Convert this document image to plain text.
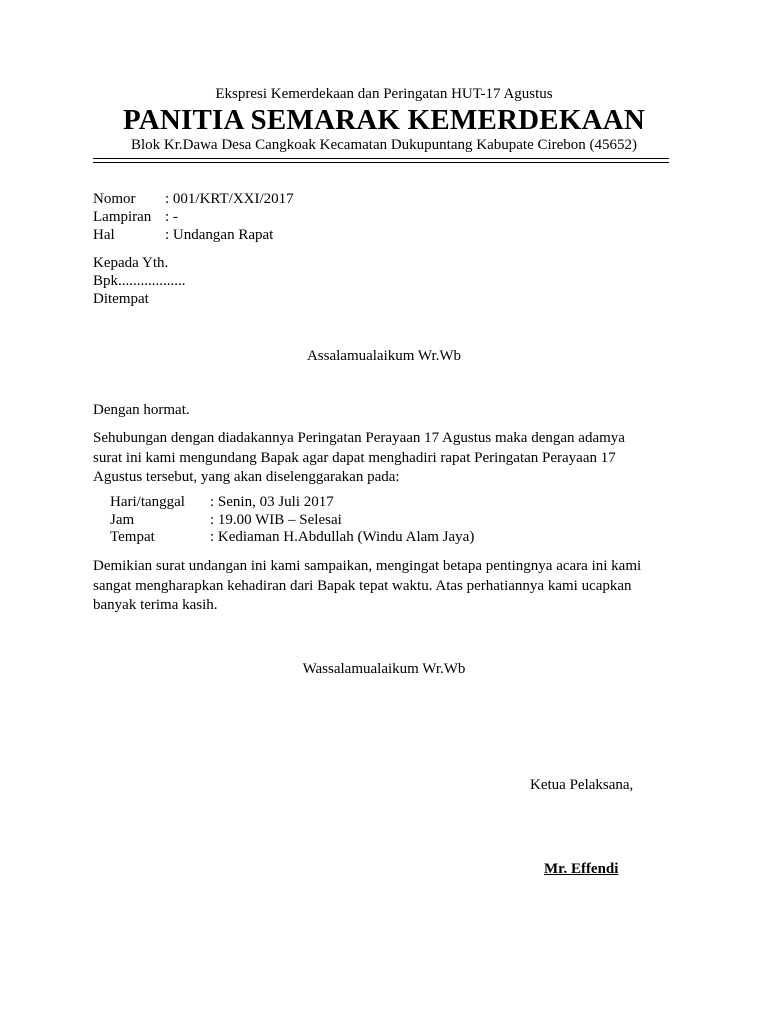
Ekspresi Kemerdekaan dan Peringatan HUT-17 Agustus
PANITIA SEMARAK KEMERDEKAAN
Blok Kr.Dawa Desa Cangkoak Kecamatan Dukupuntang Kabupate Cirebon (45652)
Nomor : 001/KRT/XXI/2017
Lampiran : -
Hal	: Undangan Rapat
Kepada Yth.
Bpk..................
Ditempat
Assalamualaikum Wr.Wb
Dengan hormat.
Sehubungan dengan diadakannya Peringatan Perayaan 17 Agustus maka dengan adamya surat ini kami mengundang Bapak agar dapat menghadiri rapat Peringatan Perayaan 17 Agustus tersebut, yang akan diselenggarakan pada:
Hari/tanggal : Senin, 03 Juli 2017
Jam	: 19.00 WIB – Selesai
Tempat	: Kediaman H.Abdullah (Windu Alam Jaya)
Demikian surat undangan ini kami sampaikan, mengingat betapa pentingnya acara ini kami sangat mengharapkan kehadiran dari Bapak tepat waktu. Atas perhatiannya kami ucapkan banyak terima kasih.
Wassalamualaikum Wr.Wb
Ketua Pelaksana,
Mr. Effendi
